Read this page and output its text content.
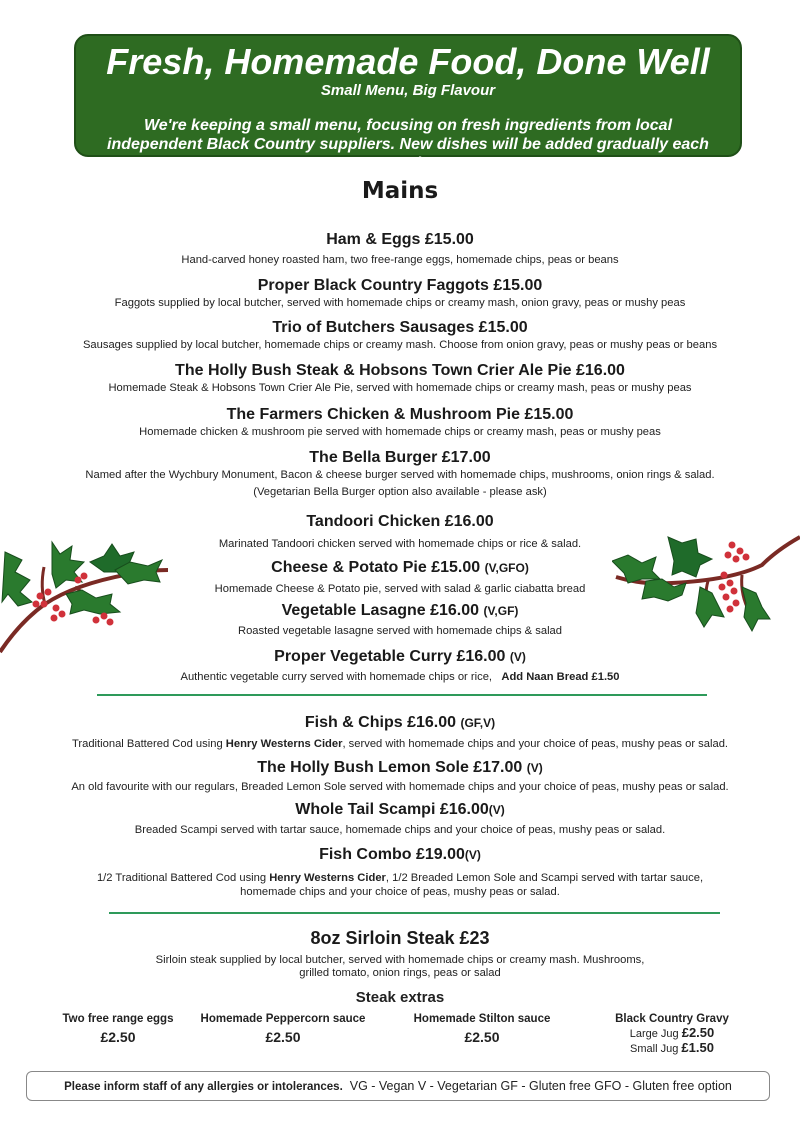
Fresh, Homemade Food, Done Well
Small Menu, Big Flavour
We're keeping a small menu, focusing on fresh ingredients from local independent Black Country suppliers. New dishes will be added gradually each week.
Mains
Ham & Eggs £15.00
Hand-carved honey roasted ham, two free-range eggs, homemade chips, peas or beans
Proper Black Country Faggots £15.00
Faggots supplied by local butcher, served with homemade chips or creamy mash, onion gravy, peas or mushy peas
Trio of Butchers Sausages £15.00
Sausages supplied by local butcher, homemade chips or creamy mash. Choose from onion gravy, peas or mushy peas or beans
The Holly Bush Steak & Hobsons Town Crier Ale Pie £16.00
Homemade Steak & Hobsons Town Crier Ale Pie, served with homemade chips or creamy mash, peas or mushy peas
The Farmers Chicken & Mushroom Pie £15.00
Homemade chicken & mushroom pie served with homemade chips or creamy mash, peas or mushy peas
The Bella Burger £17.00
Named after the Wychbury Monument, Bacon & cheese burger served with homemade chips, mushrooms, onion rings & salad.
(Vegetarian Bella Burger option also available - please ask)
Tandoori Chicken £16.00
Marinated Tandoori chicken served with homemade chips or rice & salad.
Cheese & Potato Pie £15.00 (V,GFO)
Homemade Cheese & Potato pie, served with salad & garlic ciabatta bread
Vegetable Lasagne £16.00 (V,GF)
Roasted vegetable lasagne served with homemade chips & salad
Proper Vegetable Curry £16.00 (V)
Authentic vegetable curry served with homemade chips or rice, Add Naan Bread £1.50
Fish & Chips £16.00 (GF,V)
Traditional Battered Cod using Henry Westerns Cider, served with homemade chips and your choice of peas, mushy peas or salad.
The Holly Bush Lemon Sole £17.00 (V)
An old favourite with our regulars, Breaded Lemon Sole served with homemade chips and your choice of peas, mushy peas or salad.
Whole Tail Scampi £16.00(V)
Breaded Scampi served with tartar sauce, homemade chips and your choice of peas, mushy peas or salad.
Fish Combo £19.00(V)
1/2 Traditional Battered Cod using Henry Westerns Cider, 1/2 Breaded Lemon Sole and Scampi served with tartar sauce,
homemade chips and your choice of peas, mushy peas or salad.
8oz Sirloin Steak £23
Sirloin steak supplied by local butcher, served with homemade chips or creamy mash. Mushrooms,
grilled tomato, onion rings, peas or salad
Steak extras
Two free range eggs
£2.50
Homemade Peppercorn sauce
£2.50
Homemade Stilton sauce
£2.50
Black Country Gravy
Large Jug £2.50
Small Jug £1.50
Please inform staff of any allergies or intolerances. VG - Vegan V - Vegetarian GF - Gluten free GFO - Gluten free option
